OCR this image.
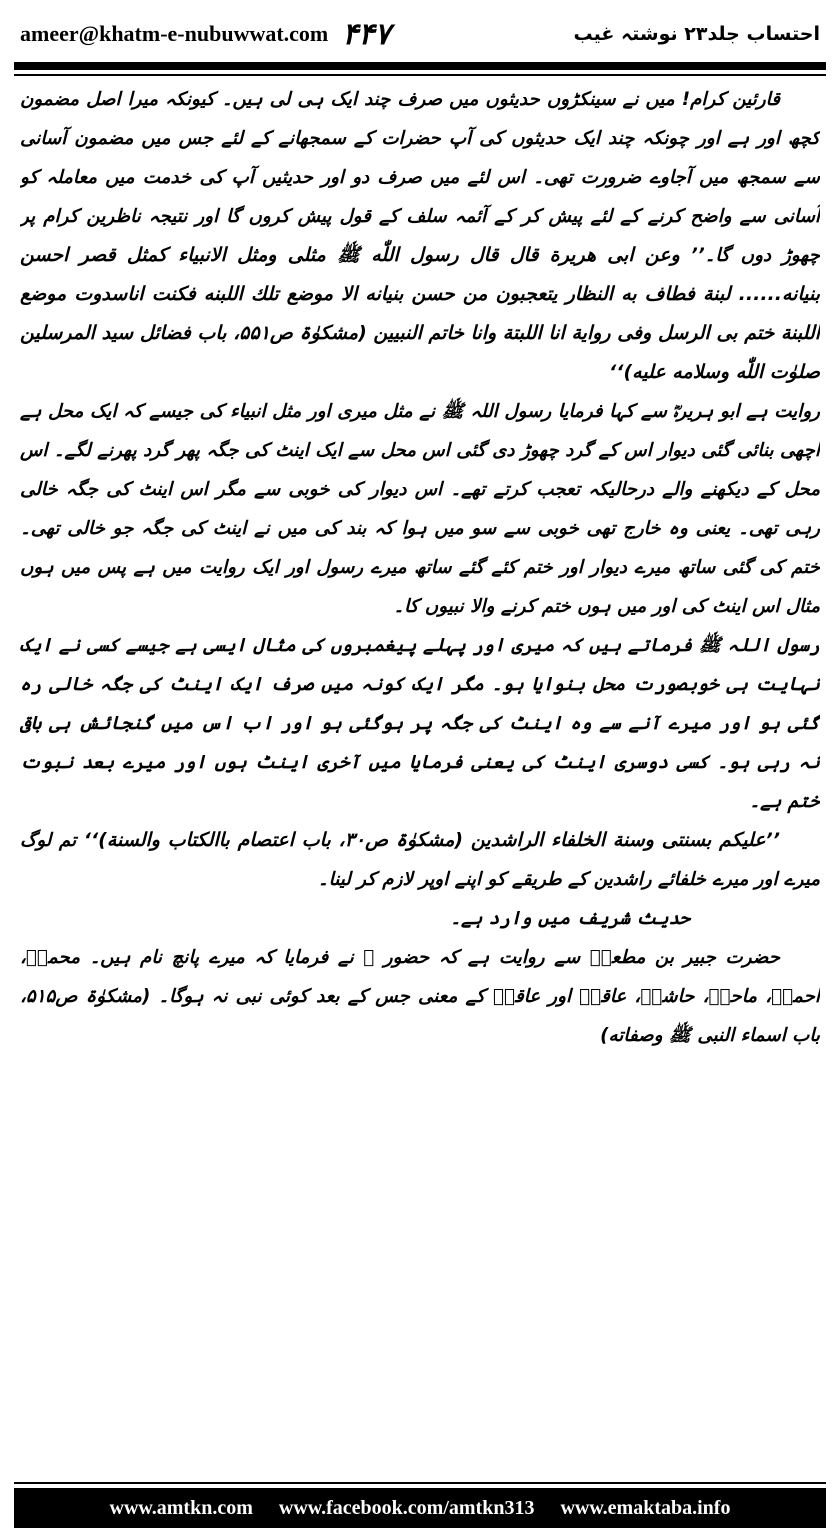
ameer@khatm-e-nubuwwat.com ۴۴۷	احتساب جلد۲۳ نوشتہ غیب

قارئین کرام! میں نے سینکڑوں حدیثوں میں صرف چند ایک ہی لی ہیں۔ کیونکہ میرا اصل مضمون کچھ اور ہے اور چونکہ چند ایک حدیثوں کی آپ حضرات کے سمجھانے کے لئے جس میں مضمون آسانی سے سمجھ میں آجاوے ضرورت تھی۔ اس لئے میں صرف دو اور حدیثیں آپ کی خدمت میں معاملہ کو آسانی سے واضح کرنے کے لئے پیش کر کے آئمہ سلف کے قول پیش کروں گا اور نتیجہ ناظرین کرام پر چھوڑ دوں گا۔’’ وعن ابی هريرة قال قال رسول اللّٰه ﷺ مثلی ومثل الانبياء كمثل قصر احسن بنيانه...... لبنة فطاف به النظار يتعجبون من حسن بنيانه الا موضع تلك اللبنه فكنت اناسدوت موضع اللبنة ختم بی الرسل وفی رواية انا اللبتة وانا خاتم النبيين (مشکوٰۃ ص۵۵۱، باب فضائل سيد المرسلين صلوٰت اللّٰه وسلامه عليه)‘‘

روایت ہے ابو ہریرہؓ سے کہا فرمایا رسول اللہ ﷺ نے مثل میری اور مثل انبیاء کی جیسے کہ ایک محل ہے اچھی بنائی گئی دیوار اس کے گرد چھوڑ دی گئی اس محل سے ایک اینٹ کی جگہ پھر گرد پھرنے لگے۔ اس محل کے دیکھنے والے درحالیکہ تعجب کرتے تھے۔ اس دیوار کی خوبی سے مگر اس اینٹ کی جگہ خالی رہی تھی۔ یعنی وہ خارج تھی خوبی سے سو میں ہوا کہ بند کی میں نے اینٹ کی جگہ جو خالی تھی۔ ختم کی گئی ساتھ میرے دیوار اور ختم کئے گئے ساتھ میرے رسول اور ایک روایت میں ہے پس میں ہوں مثال اس اینٹ کی اور میں ہوں ختم کرنے والا نبیوں کا۔

رسول اللہ ﷺ فرماتے ہیں کہ میری اور پہلے پیغمبروں کی مثال ایسی ہے جیسے کسی نے ایک نہایت ہی خوبصورت محل بنوایا ہو۔ مگر ایک کونہ میں صرف ایک اینٹ کی جگہ خالی رہ گئی ہو اور میرے آنے سے وہ اینٹ کی جگہ پر ہوگئی ہو اور اب اس میں گنجائش ہی باقی نہ رہی ہو۔ کسی دوسری اینٹ کی یعنی فرمایا میں آخری اینٹ ہوں اور میرے بعد نبوت ختم ہے۔

’’عليكم بسنتی وسنة الخلفاء الراشدين (مشکوٰۃ ص۳۰، باب اعتصام باالكتاب والسنة)‘‘ تم لوگ میرے اور میرے خلفائے راشدین کے طریقے کو اپنے اوپر لازم کر لینا۔

حدیث شریف میں وارد ہے۔

حضرت جبیر بن مطعمؓ سے روایت ہے کہ حضور ﷺ نے فرمایا کہ میرے پانچ نام ہیں۔ محمدؐ، احمدؐ، ماحیؐ، حاشرؐ، عاقبؐ اور عاقبؐ کے معنی جس کے بعد کوئی نبی نہ ہوگا۔ (مشکوٰۃ ص۵۱۵، باب اسماء النبی ﷺ وصفاته)

www.amtkn.com www.facebook.com/amtkn313 www.emaktaba.info
